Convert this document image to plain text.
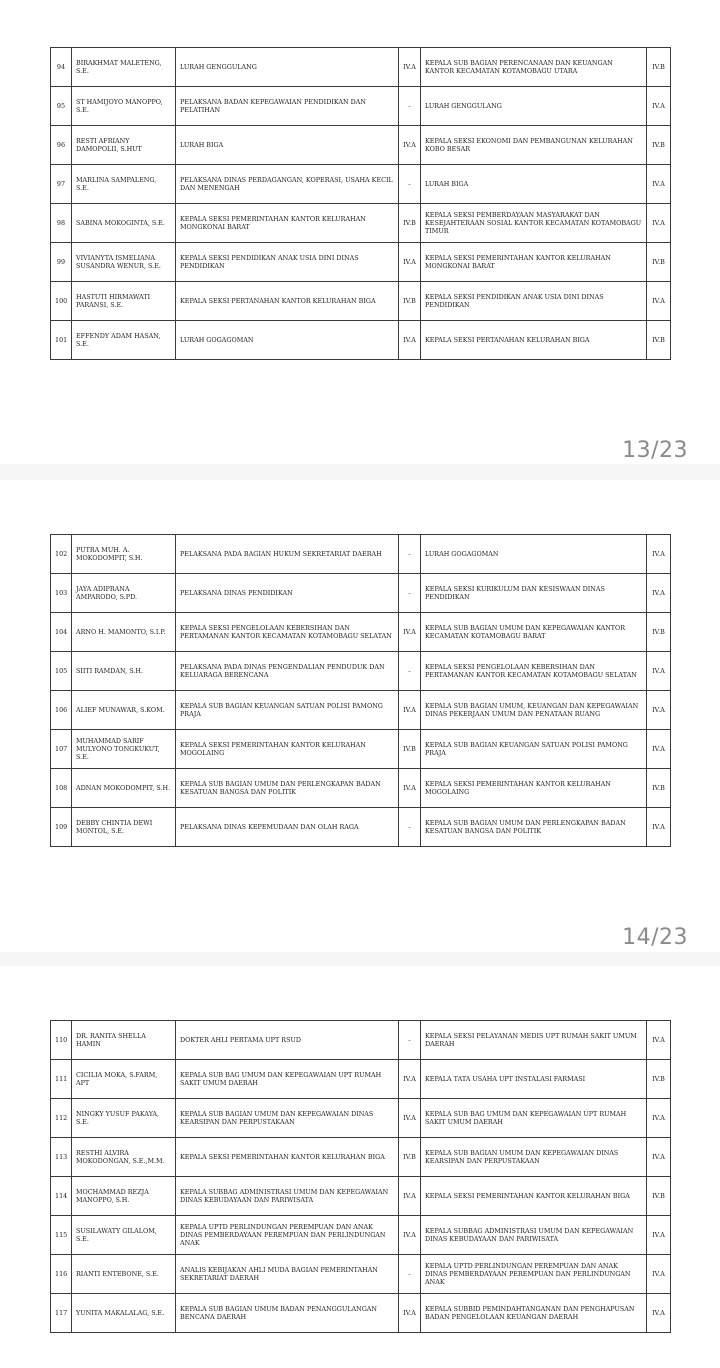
94	BIRAKHMAT MALETENG, S.E.	LURAH GENGGULANG	IV.A	KEPALA SUB BAGIAN PERENCANAAN DAN KEUANGAN KANTOR KECAMATAN KOTAMOBAGU UTARA	IV.B
95	ST HAMIJOYO MANOPPO, S.E.	PELAKSANA BADAN KEPEGAWAIAN PENDIDIKAN DAN PELATIHAN	-	LURAH GENGGULANG	IV.A
96	RESTI AFRIANY DAMOPOLII, S.HUT	LURAH BIGA	IV.A	KEPALA SEKSI EKONOMI DAN PEMBANGUNAN KELURAHAN KOBO BESAR	IV.B
97	MARLINA SAMPALENG, S.E.	PELAKSANA DINAS PERDAGANGAN, KOPERASI, USAHA KECIL DAN MENENGAH	-	LURAH BIGA	IV.A
98	SABINA MOKOGINTA, S.E.	KEPALA SEKSI PEMERINTAHAN KANTOR KELURAHAN MONGKONAI BARAT	IV.B	KEPALA SEKSI PEMBERDAYAAN MASYARAKAT DAN KESEJAHTERAAN SOSIAL KANTOR KECAMATAN KOTAMOBAGU TIMUR	IV.A
99	VIVIANYTA ISMELIANA SUSANDRA WENUR, S.E.	KEPALA SEKSI PENDIDIKAN ANAK USIA DINI DINAS PENDIDIKAN	IV.A	KEPALA SEKSI PEMERINTAHAN KANTOR KELURAHAN MONGKONAI BARAT	IV.B
100	HASTUTI HIRMAWATI PARANSI, S.E.	KEPALA SEKSI PERTANAHAN KANTOR KELURAHAN BIGA	IV.B	KEPALA SEKSI PENDIDIKAN ANAK USIA DINI DINAS PENDIDIKAN	IV.A
101	EFFENDY ADAM HASAN, S.E.	LURAH GOGAGOMAN	IV.A	KEPALA SEKSI PERTANAHAN KELURAHAN BIGA	IV.B
13/23
102	PUTRA MUH. A. MOKODOMPIT, S.H.	PELAKSANA PADA BAGIAN HUKUM SEKRETARIAT DAERAH	-	LURAH GOGAGOMAN	IV.A
103	JAYA ADIPRANA AMPARODO, S.PD.	PELAKSANA DINAS PENDIDIKAN	-	KEPALA SEKSI KURIKULUM DAN KESISWAAN DINAS PENDIDIKAN	IV.A
104	ARNO H. MAMONTO, S.I.P.	KEPALA SEKSI PENGELOLAAN KEBERSIHAN DAN PERTAMANAN KANTOR KECAMATAN KOTAMOBAGU SELATAN	IV.A	KEPALA SUB BAGIAN UMUM DAN KEPEGAWAIAN KANTOR KECAMATAN KOTAMOBAGU BARAT	IV.B
105	SIITI RAMDAN, S.H.	PELAKSANA PADA DINAS PENGENDALIAN PENDUDUK DAN KELUARAGA BERENCANA	-	KEPALA SEKSI PENGELOLAAN KEBERSIHAN DAN PERTAMANAN KANTOR KECAMATAN KOTAMOBAGU SELATAN	IV.A
106	ALIEF MUNAWAR, S.KOM.	KEPALA SUB BAGIAN KEUANGAN SATUAN POLISI PAMONG PRAJA	IV.A	KEPALA SUB BAGIAN UMUM, KEUANGAN DAN KEPEGAWAIAN DINAS PEKERJAAN UMUM DAN PENATAAN RUANG	IV.A
107	MUHAMMAD SARIF MULYONO TONGKUKUT, S.E.	KEPALA SEKSI PEMERINTAHAN KANTOR KELURAHAN MOGOLAING	IV.B	KEPALA SUB BAGIAN KEUANGAN SATUAN POLISI PAMONG PRAJA	IV.A
108	ADNAN MOKODOMPIT, S.H.	KEPALA SUB BAGIAN UMUM DAN PERLENGKAPAN BADAN KESATUAN BANGSA DAN POLITIK	IV.A	KEPALA SEKSI PEMERINTAHAN KANTOR KELURAHAN MOGOLAING	IV.B
109	DEBBY CHINTIA DEWI MONTOL, S.E.	PELAKSANA DINAS KEPEMUDAAN DAN OLAH RAGA	-	KEPALA SUB BAGIAN UMUM DAN PERLENGKAPAN BADAN KESATUAN BANGSA DAN POLITIK	IV.A
14/23
110	DR. RANITA SHELLA HAMIN	DOKTER AHLI PERTAMA UPT RSUD	-	KEPALA SEKSI PELAYANAN MEDIS UPT RUMAH SAKIT UMUM DAERAH	IV.A
111	CICILIA MOKA, S.FARM, APT	KEPALA SUB BAG UMUM DAN KEPEGAWAIAN UPT RUMAH SAKIT UMUM DAERAH	IV.A	KEPALA TATA USAHA UPT INSTALASI FARMASI	IV.B
112	NINGKY YUSUF PAKAYA, S.E.	KEPALA SUB BAGIAN UMUM DAN KEPEGAWAIAN DINAS KEARSIPAN DAN PERPUSTAKAAN	IV.A	KEPALA SUB BAG UMUM DAN KEPEGAWAIAN UPT RUMAH SAKIT UMUM DAERAH	IV.A
113	RESTHI ALVIRA MOKODONGAN, S.E.,M.M.	KEPALA SEKSI PEMERINTAHAN KANTOR KELURAHAN BIGA	IV.B	KEPALA SUB BAGIAN UMUM DAN KEPEGAWAIAN DINAS KEARSIPAN DAN PERPUSTAKAAN	IV.A
114	MOCHAMMAD REZJA MANOPPO, S.H.	KEPALA SUBBAG ADMINISTRASI UMUM DAN KEPEGAWAIAN DINAS KEBUDAYAAN DAN PARIWISATA	IV.A	KEPALA SEKSI PEMERINTAHAN KANTOR KELURAHAN BIGA	IV.B
115	SUSILAWATY GILALOM, S.E.	KEPALA UPTD PERLINDUNGAN PEREMPUAN DAN ANAK DINAS PEMBERDAYAAN PEREMPUAN DAN PERLINDUNGAN ANAK	IV.A	KEPALA SUBBAG ADMINISTRASI UMUM DAN KEPEGAWAIAN DINAS KEBUDAYAAN DAN PARIWISATA	IV.A
116	RIANTI ENTEBONE, S.E.	ANALIS KEBIJAKAN AHLI MUDA BAGIAN PEMERINTAHAN SEKRETARIAT DAERAH	-	KEPALA UPTD PERLINDUNGAN PEREMPUAN DAN ANAK DINAS PEMBERDAYAAN PEREMPUAN DAN PERLINDUNGAN ANAK	IV.A
117	YUNITA MAKALALAG, S.E.	KEPALA SUB BAGIAN UMUM BADAN PENANGGULANGAN BENCANA DAERAH	IV.A	KEPALA SUBBID PEMINDAHTANGANAN DAN PENGHAPUSAN BADAN PENGELOLAAN KEUANGAN DAERAH	IV.A
